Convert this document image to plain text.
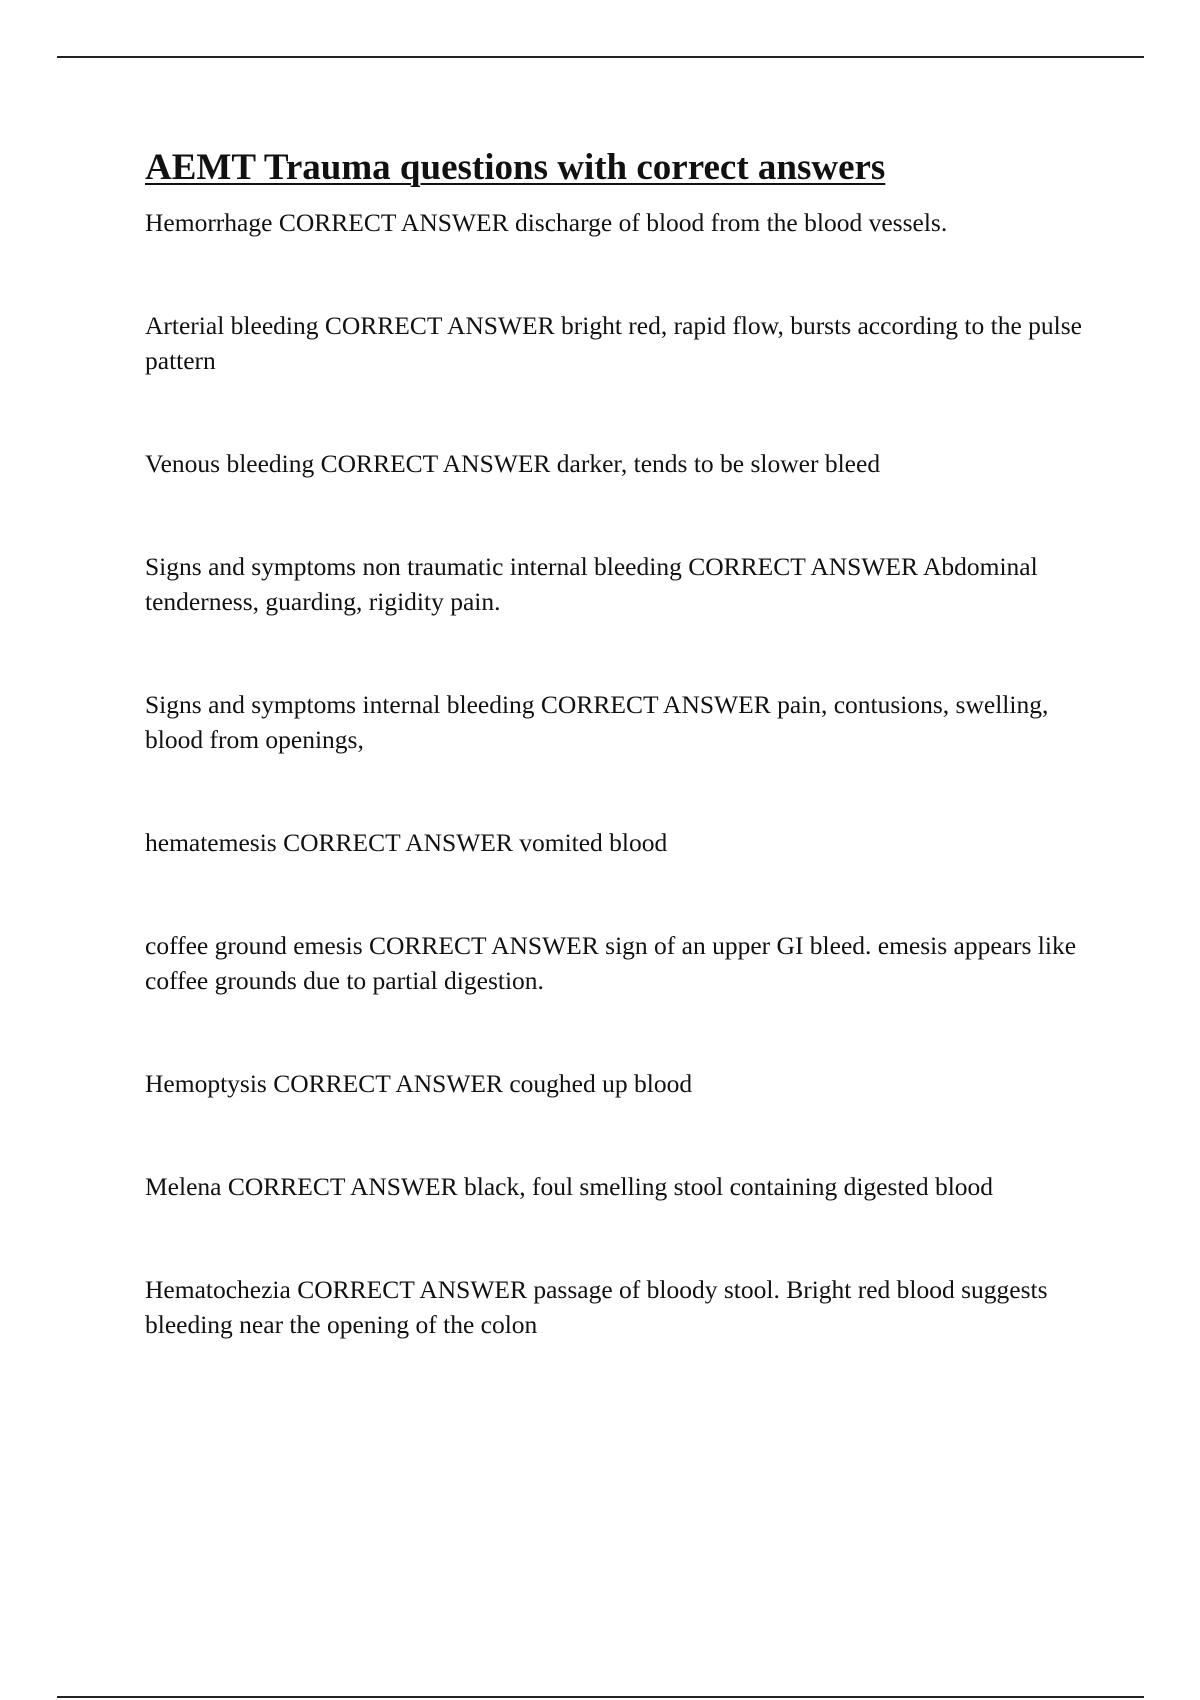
AEMT Trauma questions with correct answers
Hemorrhage CORRECT ANSWER discharge of blood from the blood vessels.
Arterial bleeding CORRECT ANSWER bright red, rapid flow, bursts according to the pulse pattern
Venous bleeding CORRECT ANSWER darker, tends to be slower bleed
Signs and symptoms non traumatic internal bleeding CORRECT ANSWER Abdominal tenderness, guarding, rigidity pain.
Signs and symptoms internal bleeding CORRECT ANSWER pain, contusions, swelling, blood from openings,
hematemesis CORRECT ANSWER vomited blood
coffee ground emesis CORRECT ANSWER sign of an upper GI bleed. emesis appears like coffee grounds due to partial digestion.
Hemoptysis CORRECT ANSWER coughed up blood
Melena CORRECT ANSWER black, foul smelling stool containing digested blood
Hematochezia CORRECT ANSWER passage of bloody stool. Bright red blood suggests bleeding near the opening of the colon
